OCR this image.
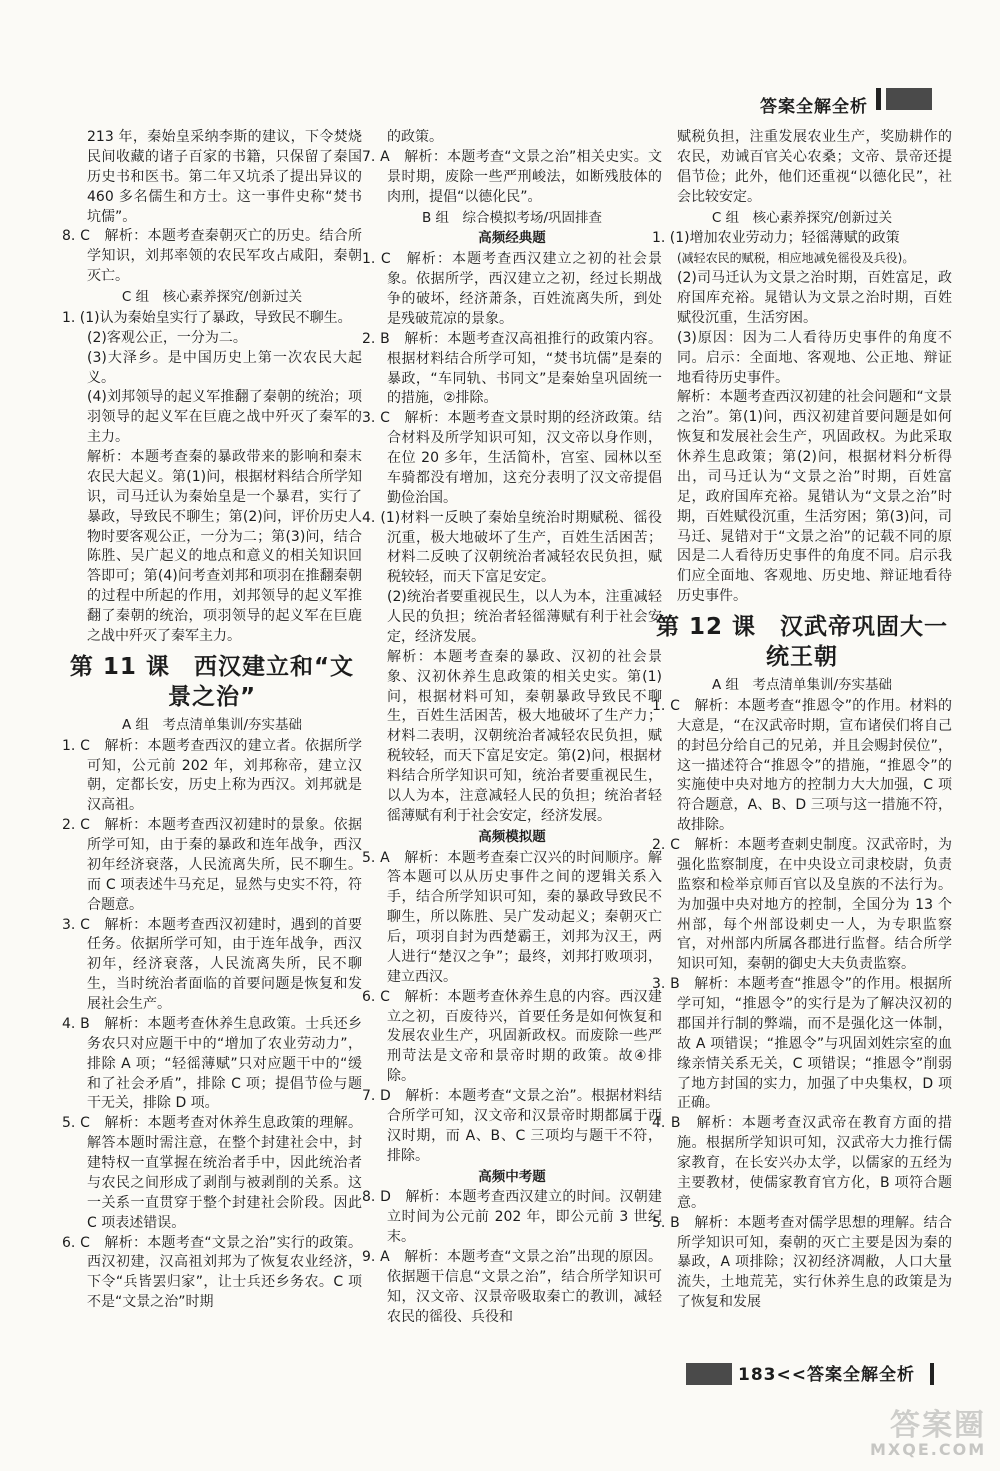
答案全解全析

213 年，秦始皇采纳李斯的建议，下令焚烧民间收藏的诸子百家的书籍，只保留了秦国历史书和医书。第二年又坑杀了提出异议的 460 多名儒生和方士。这一事件史称“焚书坑儒”。

8. C　解析：本题考查秦朝灭亡的历史。结合所学知识，刘邦率领的农民军攻占咸阳，秦朝灭亡。

C 组　核心素养探究/创新过关

1. (1)认为秦始皇实行了暴政，导致民不聊生。

(2)客观公正，一分为二。

(3)大泽乡。是中国历史上第一次农民大起义。

(4)刘邦领导的起义军推翻了秦朝的统治；项羽领导的起义军在巨鹿之战中歼灭了秦军的主力。

解析：本题考查秦的暴政带来的影响和秦末农民大起义。第(1)问，根据材料结合所学知识，司马迁认为秦始皇是一个暴君，实行了暴政，导致民不聊生；第(2)问，评价历史人物时要客观公正，一分为二；第(3)问，结合陈胜、吴广起义的地点和意义的相关知识回答即可；第(4)问考查刘邦和项羽在推翻秦朝的过程中所起的作用，刘邦领导的起义军推翻了秦朝的统治，项羽领导的起义军在巨鹿之战中歼灭了秦军主力。

第 11 课　西汉建立和“文景之治”

A 组　考点清单集训/夯实基础

1. C　解析：本题考查西汉的建立者。依据所学可知，公元前 202 年，刘邦称帝，建立汉朝，定都长安，历史上称为西汉。刘邦就是汉高祖。

2. C　解析：本题考查西汉初建时的景象。依据所学可知，由于秦的暴政和连年战争，西汉初年经济衰落，人民流离失所，民不聊生。而 C 项表述牛马充足，显然与史实不符，符合题意。

3. C　解析：本题考查西汉初建时，遇到的首要任务。依据所学可知，由于连年战争，西汉初年，经济衰落，人民流离失所，民不聊生，当时统治者面临的首要问题是恢复和发展社会生产。

4. B　解析：本题考查休养生息政策。士兵还乡务农只对应题干中的“增加了农业劳动力”，排除 A 项；“轻徭薄赋”只对应题干中的“缓和了社会矛盾”，排除 C 项；提倡节俭与题干无关，排除 D 项。

5. C　解析：本题考查对休养生息政策的理解。解答本题时需注意，在整个封建社会中，封建特权一直掌握在统治者手中，因此统治者与农民之间形成了剥削与被剥削的关系。这一关系一直贯穿于整个封建社会阶段。因此 C 项表述错误。

6. C　解析：本题考查“文景之治”实行的政策。西汉初建，汉高祖刘邦为了恢复农业经济，下令“兵皆罢归家”，让士兵还乡务农。C 项不是“文景之治”时期

的政策。

7. A　解析：本题考查“文景之治”相关史实。文景时期，废除一些严刑峻法，如断残肢体的肉刑，提倡“以德化民”。

B 组　综合模拟考场/巩固排查

高频经典题

1. C　解析：本题考查西汉建立之初的社会景象。依据所学，西汉建立之初，经过长期战争的破坏，经济萧条，百姓流离失所，到处是残破荒凉的景象。

2. B　解析：本题考查汉高祖推行的政策内容。根据材料结合所学可知，“焚书坑儒”是秦的暴政，“车同轨、书同文”是秦始皇巩固统一的措施，②排除。

3. C　解析：本题考查文景时期的经济政策。结合材料及所学知识可知，汉文帝以身作则，在位 20 多年，生活简朴，宫室、园林以至车骑都没有增加，这充分表明了汉文帝提倡勤俭治国。

4. (1)材料一反映了秦始皇统治时期赋税、徭役沉重，极大地破坏了生产，百姓生活困苦；材料二反映了汉朝统治者减轻农民负担，赋税较轻，而天下富足安定。

(2)统治者要重视民生，以人为本，注重减轻人民的负担；统治者轻徭薄赋有利于社会安定，经济发展。

解析：本题考查秦的暴政、汉初的社会景象、汉初休养生息政策的相关史实。第(1)问，根据材料可知，秦朝暴政导致民不聊生，百姓生活困苦，极大地破坏了生产力；材料二表明，汉朝统治者减轻农民负担，赋税较轻，而天下富足安定。第(2)问，根据材料结合所学知识可知，统治者要重视民生，以人为本，注意减轻人民的负担；统治者轻徭薄赋有利于社会安定，经济发展。

高频模拟题

5. A　解析：本题考查秦亡汉兴的时间顺序。解答本题可以从历史事件之间的逻辑关系入手，结合所学知识可知，秦的暴政导致民不聊生，所以陈胜、吴广发动起义；秦朝灭亡后，项羽自封为西楚霸王，刘邦为汉王，两人进行“楚汉之争”；最终，刘邦打败项羽，建立西汉。

6. C　解析：本题考查休养生息的内容。西汉建立之初，百废待兴，首要任务是如何恢复和发展农业生产，巩固新政权。而废除一些严刑苛法是文帝和景帝时期的政策。故④排除。

7. D　解析：本题考查“文景之治”。根据材料结合所学可知，汉文帝和汉景帝时期都属于西汉时期，而 A、B、C 三项均与题干不符，排除。

高频中考题

8. D　解析：本题考查西汉建立的时间。汉朝建立时间为公元前 202 年，即公元前 3 世纪末。

9. A　解析：本题考查“文景之治”出现的原因。依据题干信息“文景之治”，结合所学知识可知，汉文帝、汉景帝吸取秦亡的教训，减轻农民的徭役、兵役和

赋税负担，注重发展农业生产，奖励耕作的农民，劝诫百官关心农桑；文帝、景帝还提倡节俭；此外，他们还重视“以德化民”，社会比较安定。

C 组　核心素养探究/创新过关

1. (1)增加农业劳动力；轻徭薄赋的政策

(减轻农民的赋税，相应地减免徭役及兵役)。

(2)司马迁认为文景之治时期，百姓富足，政府国库充裕。晁错认为文景之治时期，百姓赋役沉重，生活穷困。

(3)原因：因为二人看待历史事件的角度不同。启示：全面地、客观地、公正地、辩证地看待历史事件。

解析：本题考查西汉初建的社会问题和“文景之治”。第(1)问，西汉初建首要问题是如何恢复和发展社会生产，巩固政权。为此采取休养生息政策；第(2)问，根据材料分析得出，司马迁认为“文景之治”时期，百姓富足，政府国库充裕。晁错认为“文景之治”时期，百姓赋役沉重，生活穷困；第(3)问，司马迁、晁错对于“文景之治”的记载不同的原因是二人看待历史事件的角度不同。启示我们应全面地、客观地、历史地、辩证地看待历史事件。

第 12 课　汉武帝巩固大一统王朝

A 组　考点清单集训/夯实基础

1. C　解析：本题考查“推恩令”的作用。材料的大意是，“在汉武帝时期，宣布诸侯们将自己的封邑分给自己的兄弟，并且会赐封侯位”，这一描述符合“推恩令”的措施，“推恩令”的实施使中央对地方的控制力大大加强，C 项符合题意，A、B、D 三项与这一措施不符，故排除。

2. C　解析：本题考查刺史制度。汉武帝时，为强化监察制度，在中央设立司隶校尉，负责监察和检举京师百官以及皇族的不法行为。为加强中央对地方的控制，全国分为 13 个州部，每个州部设刺史一人，为专职监察官，对州部内所属各郡进行监督。结合所学知识可知，秦朝的御史大夫负责监察。

3. B　解析：本题考查“推恩令”的作用。根据所学可知，“推恩令”的实行是为了解决汉初的郡国并行制的弊端，而不是强化这一体制，故 A 项错误；“推恩令”与巩固刘姓宗室的血缘亲情关系无关，C 项错误；“推恩令”削弱了地方封国的实力，加强了中央集权，D 项正确。

4. B　解析：本题考查汉武帝在教育方面的措施。根据所学知识可知，汉武帝大力推行儒家教育，在长安兴办太学，以儒家的五经为主要教材，使儒家教育官方化，B 项符合题意。

5. B　解析：本题考查对儒学思想的理解。结合所学知识可知，秦朝的灭亡主要是因为秦的暴政，A 项排除；汉初经济凋敝，人口大量流失，土地荒芜，实行休养生息的政策是为了恢复和发展

183<<答案全解全析
答案圈
MXQE.COM
